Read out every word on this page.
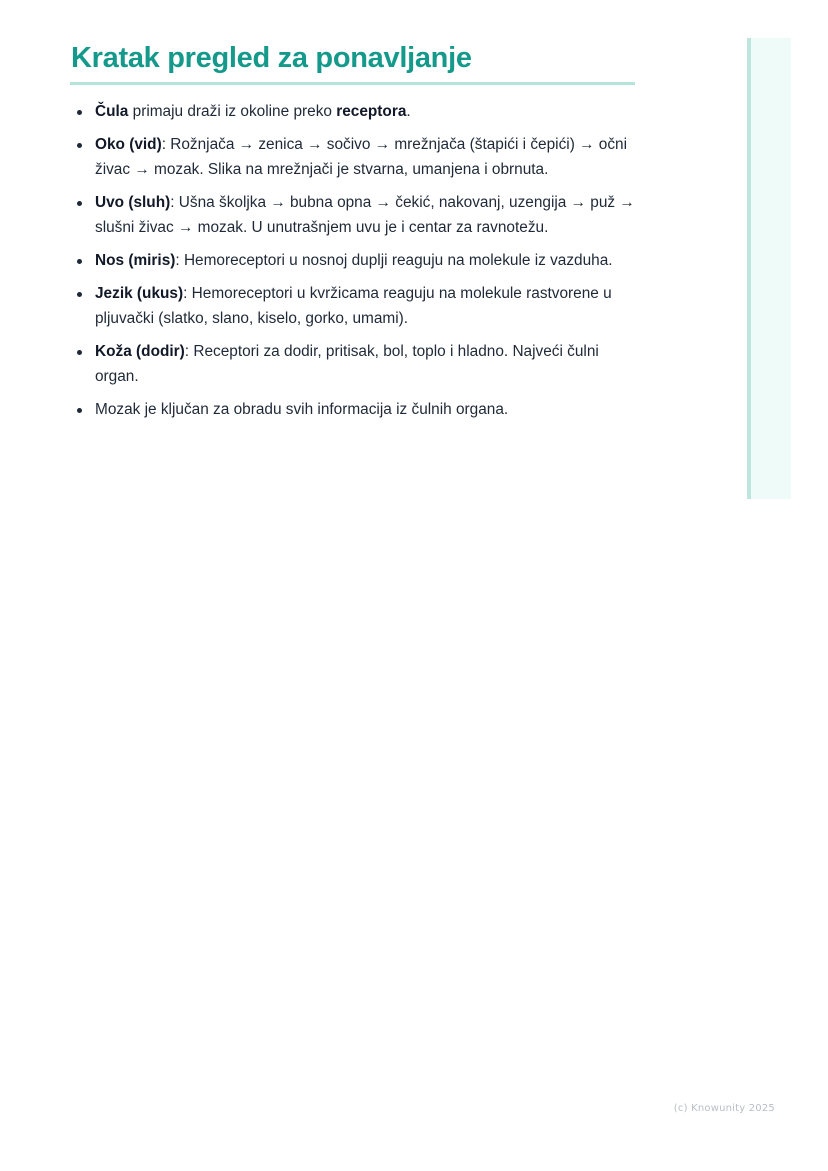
Kratak pregled za ponavljanje
Čula primaju draži iz okoline preko receptora.
Oko (vid): Rožnjača → zenica → sočivo → mrežnjača (štapići i čepići) → očni živac → mozak. Slika na mrežnjači je stvarna, umanjena i obrnuta.
Uvo (sluh): Ušna školjka → bubna opna → čekić, nakovanj, uzengija → puž → slušni živac → mozak. U unutrašnjem uvu je i centar za ravnotežu.
Nos (miris): Hemoreceptori u nosnoj duplji reaguju na molekule iz vazduha.
Jezik (ukus): Hemoreceptori u kvržicama reaguju na molekule rastvorene u pljuvački (slatko, slano, kiselo, gorko, umami).
Koža (dodir): Receptori za dodir, pritisak, bol, toplo i hladno. Najveći čulni organ.
Mozak je ključan za obradu svih informacija iz čulnih organa.
(c) Knowunity 2025
